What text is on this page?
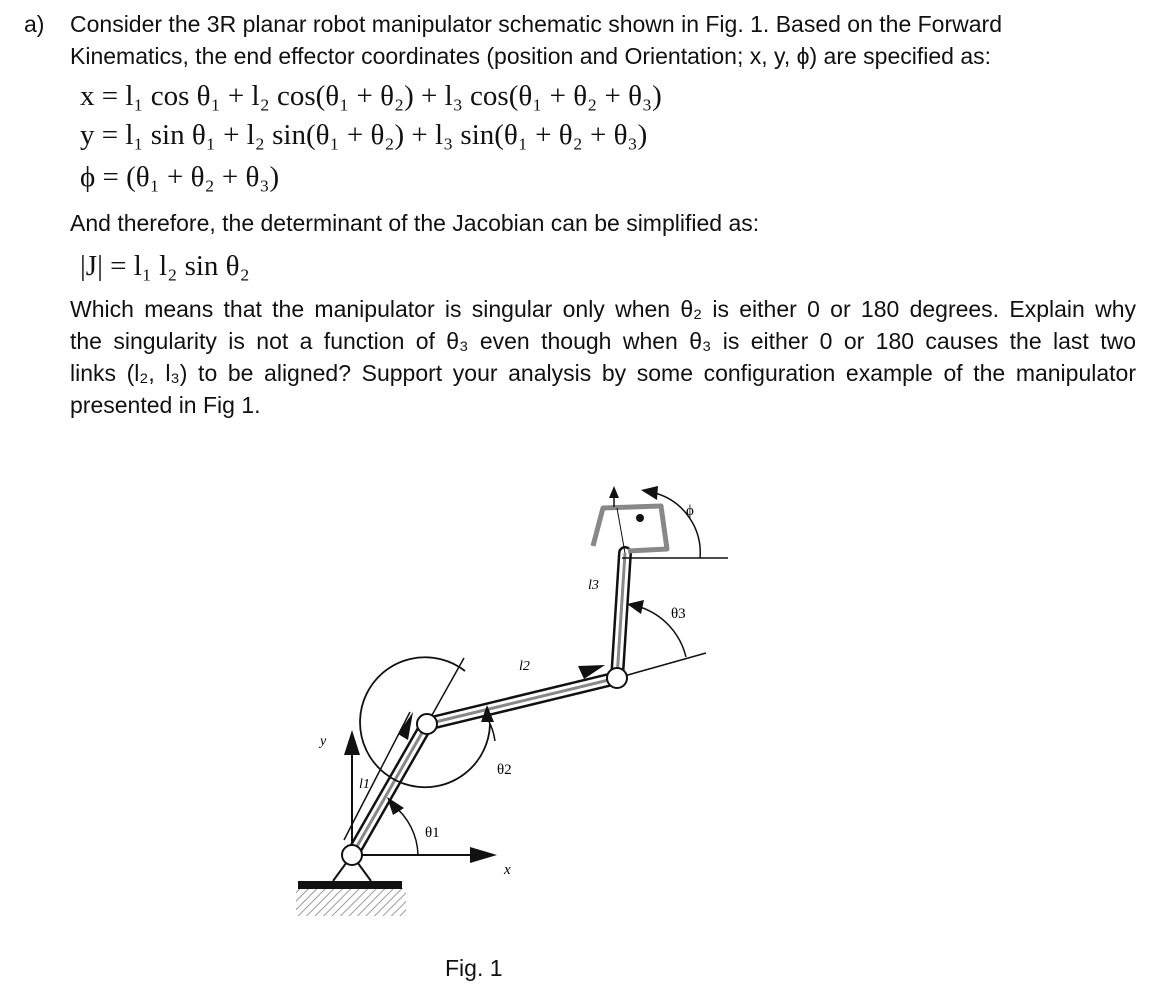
a) Consider the 3R planar robot manipulator schematic shown in Fig. 1. Based on the Forward
Kinematics, the end effector coordinates (position and Orientation; x, y, ϕ) are specified as:
x = l₁ cos θ₁ + l₂ cos(θ₁ + θ₂) + l₃ cos(θ₁ + θ₂ + θ₃)
y = l₁ sin θ₁ + l₂ sin(θ₁ + θ₂) + l₃ sin(θ₁ + θ₂ + θ₃)
ϕ = (θ₁ + θ₂ + θ₃)
And therefore, the determinant of the Jacobian can be simplified as:
|J| = l₁ l₂ sin θ₂
Which means that the manipulator is singular only when θ₂ is either 0 or 180 degrees. Explain why
the singularity is not a function of θ₃ even though when θ₃ is either 0 or 180 causes the last two
links (l₂, l₃) to be aligned? Support your analysis by some configuration example of the manipulator
presented in Fig 1.
y
x
l1
l2
l3
θ1
θ2
θ3
ϕ
Fig. 1
